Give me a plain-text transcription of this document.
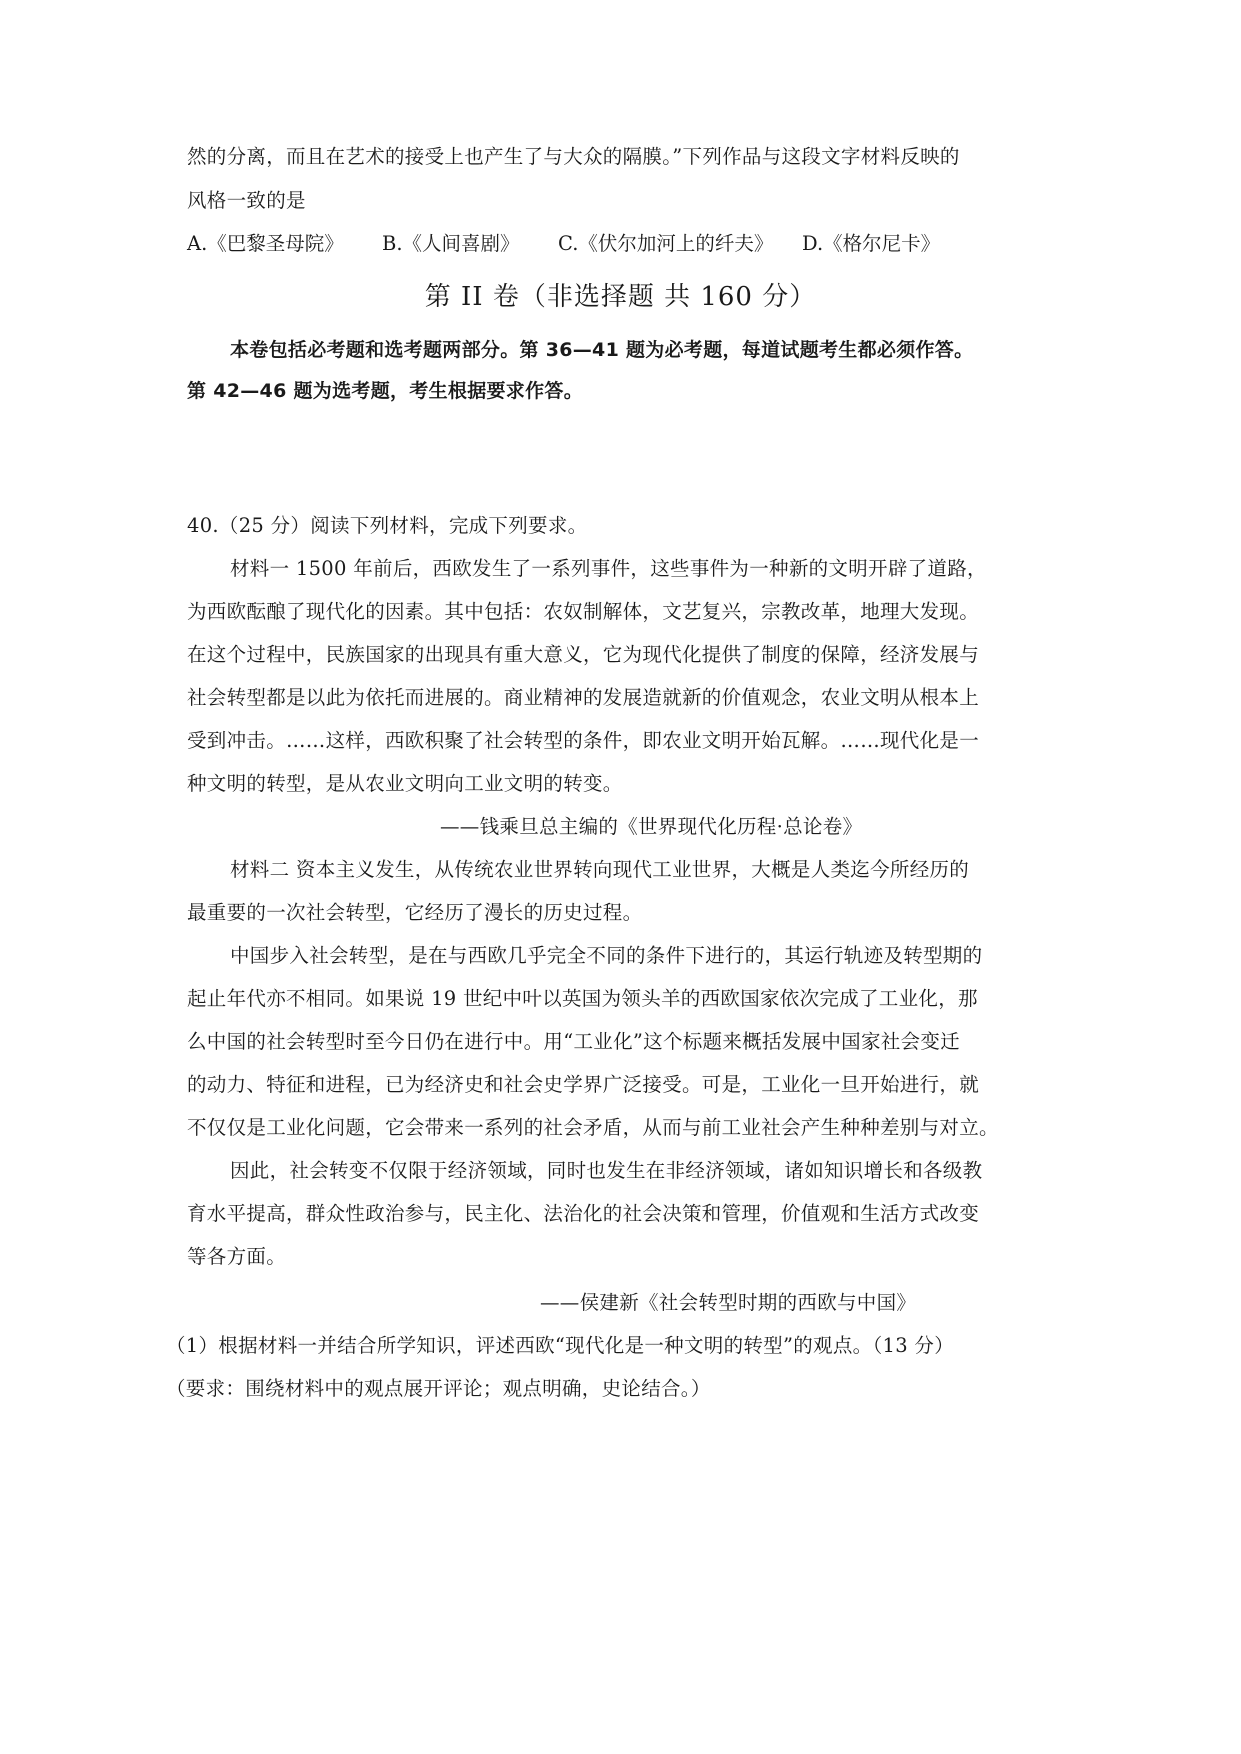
然的分离，而且在艺术的接受上也产生了与大众的隔膜。”下列作品与这段文字材料反映的
风格一致的是
A.《巴黎圣母院》 B.《人间喜剧》 C.《伏尔加河上的纤夫》 D.《格尔尼卡》
第 II 卷（非选择题 共 160 分）
本卷包括必考题和选考题两部分。第 36—41 题为必考题，每道试题考生都必须作答。
第 42—46 题为选考题，考生根据要求作答。
40.（25 分）阅读下列材料，完成下列要求。
材料一 1500 年前后，西欧发生了一系列事件，这些事件为一种新的文明开辟了道路，
为西欧酝酿了现代化的因素。其中包括：农奴制解体，文艺复兴，宗教改革，地理大发现。
在这个过程中，民族国家的出现具有重大意义，它为现代化提供了制度的保障，经济发展与
社会转型都是以此为依托而进展的。商业精神的发展造就新的价值观念，农业文明从根本上
受到冲击。……这样，西欧积聚了社会转型的条件，即农业文明开始瓦解。……现代化是一
种文明的转型，是从农业文明向工业文明的转变。
——钱乘旦总主编的《世界现代化历程·总论卷》
材料二 资本主义发生，从传统农业世界转向现代工业世界，大概是人类迄今所经历的
最重要的一次社会转型，它经历了漫长的历史过程。
中国步入社会转型，是在与西欧几乎完全不同的条件下进行的，其运行轨迹及转型期的
起止年代亦不相同。如果说 19 世纪中叶以英国为领头羊的西欧国家依次完成了工业化，那
么中国的社会转型时至今日仍在进行中。用“工业化”这个标题来概括发展中国家社会变迁
的动力、特征和进程，已为经济史和社会史学界广泛接受。可是，工业化一旦开始进行，就
不仅仅是工业化问题，它会带来一系列的社会矛盾，从而与前工业社会产生种种差别与对立。
因此，社会转变不仅限于经济领域，同时也发生在非经济领域，诸如知识增长和各级教
育水平提高，群众性政治参与，民主化、法治化的社会决策和管理，价值观和生活方式改变
等各方面。
——侯建新《社会转型时期的西欧与中国》
（1）根据材料一并结合所学知识，评述西欧“现代化是一种文明的转型”的观点。（13 分）
（要求：围绕材料中的观点展开评论；观点明确，史论结合。）
